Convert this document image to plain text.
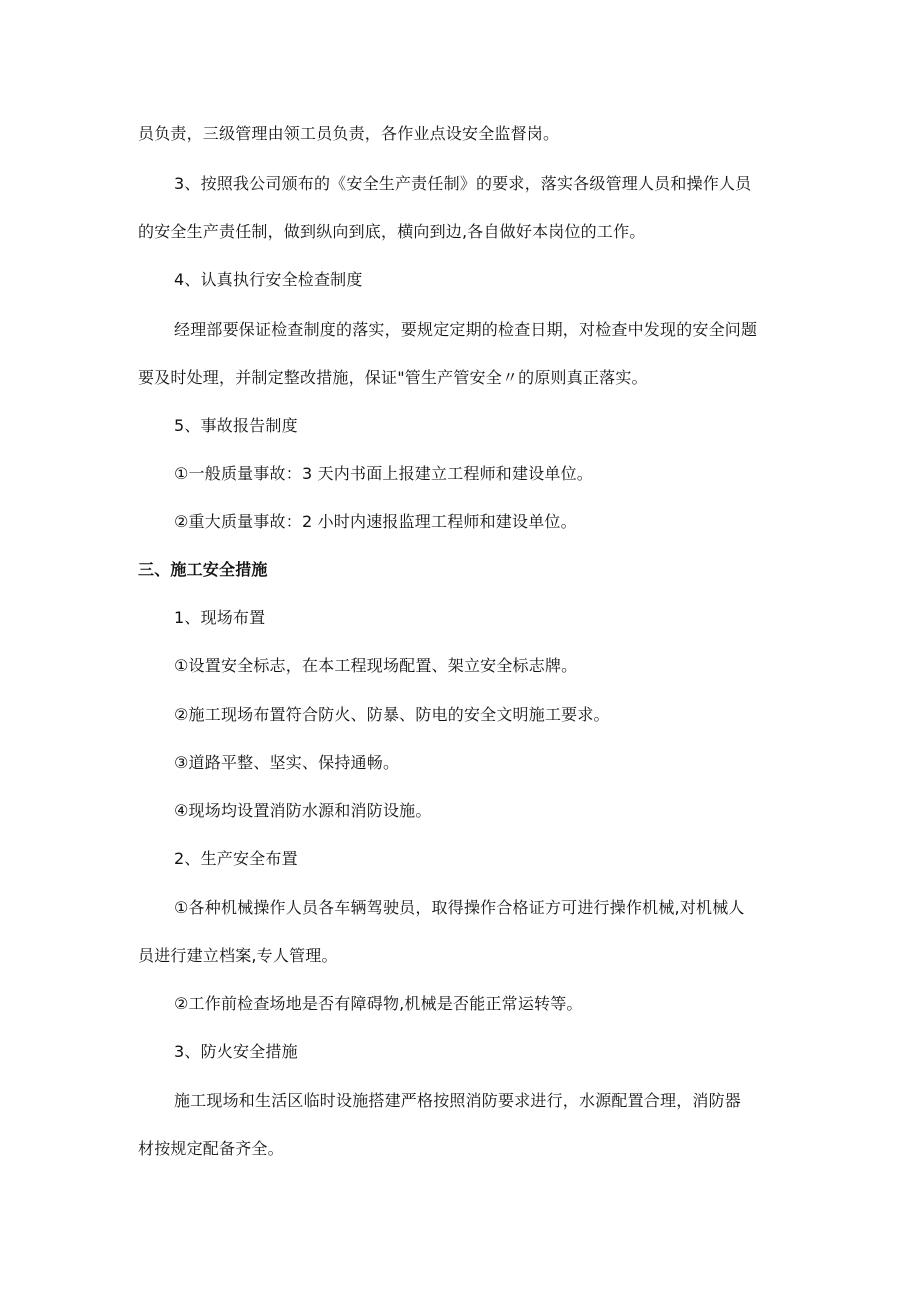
员负责，三级管理由领工员负责，各作业点设安全监督岗。
3、按照我公司颁布的《安全生产责任制》的要求，落实各级管理人员和操作人员
的安全生产责任制，做到纵向到底，横向到边,各自做好本岗位的工作。
4、认真执行安全检查制度
经理部要保证检查制度的落实，要规定定期的检查日期，对检查中发现的安全问题
要及时处理，并制定整改措施，保证"管生产管安全〃的原则真正落实。
5、事故报告制度
①一般质量事故：3 天内书面上报建立工程师和建设单位。
②重大质量事故：2 小时内速报监理工程师和建设单位。
三、施工安全措施
1、现场布置
①设置安全标志，在本工程现场配置、架立安全标志牌。
②施工现场布置符合防火、防暴、防电的安全文明施工要求。
③道路平整、坚实、保持通畅。
④现场均设置消防水源和消防设施。
2、生产安全布置
①各种机械操作人员各车辆驾驶员，取得操作合格证方可进行操作机械,对机械人
员进行建立档案,专人管理。
②工作前检查场地是否有障碍物,机械是否能正常运转等。
3、防火安全措施
施工现场和生活区临时设施搭建严格按照消防要求进行，水源配置合理，消防器
材按规定配备齐全。
